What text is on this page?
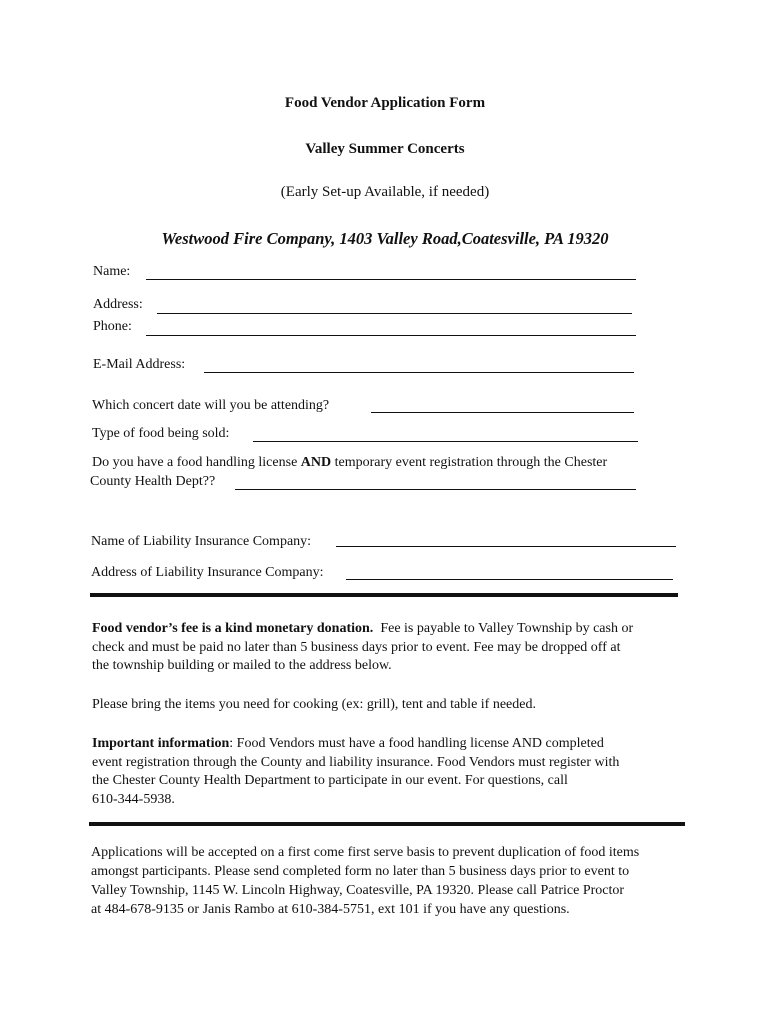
Food Vendor Application Form
Valley Summer Concerts
(Early Set-up Available, if needed)
Westwood Fire Company, 1403 Valley Road,Coatesville, PA 19320
Name:
Address:
Phone:
E-Mail Address:
Which concert date will you be attending?
Type of food being sold:
Do you have a food handling license AND temporary event registration through the Chester
County Health Dept??
Name of Liability Insurance Company:
Address of Liability Insurance Company:
Food vendor’s fee is a kind monetary donation.  Fee is payable to Valley Township by cash or
check and must be paid no later than 5 business days prior to event. Fee may be dropped off at
the township building or mailed to the address below.
Please bring the items you need for cooking (ex: grill), tent and table if needed.
Important information: Food Vendors must have a food handling license AND completed
event registration through the County and liability insurance. Food Vendors must register with
the Chester County Health Department to participate in our event. For questions, call
610-344-5938.
Applications will be accepted on a first come first serve basis to prevent duplication of food items
amongst participants. Please send completed form no later than 5 business days prior to event to
Valley Township, 1145 W. Lincoln Highway, Coatesville, PA 19320. Please call Patrice Proctor
at 484-678-9135 or Janis Rambo at 610-384-5751, ext 101 if you have any questions.
